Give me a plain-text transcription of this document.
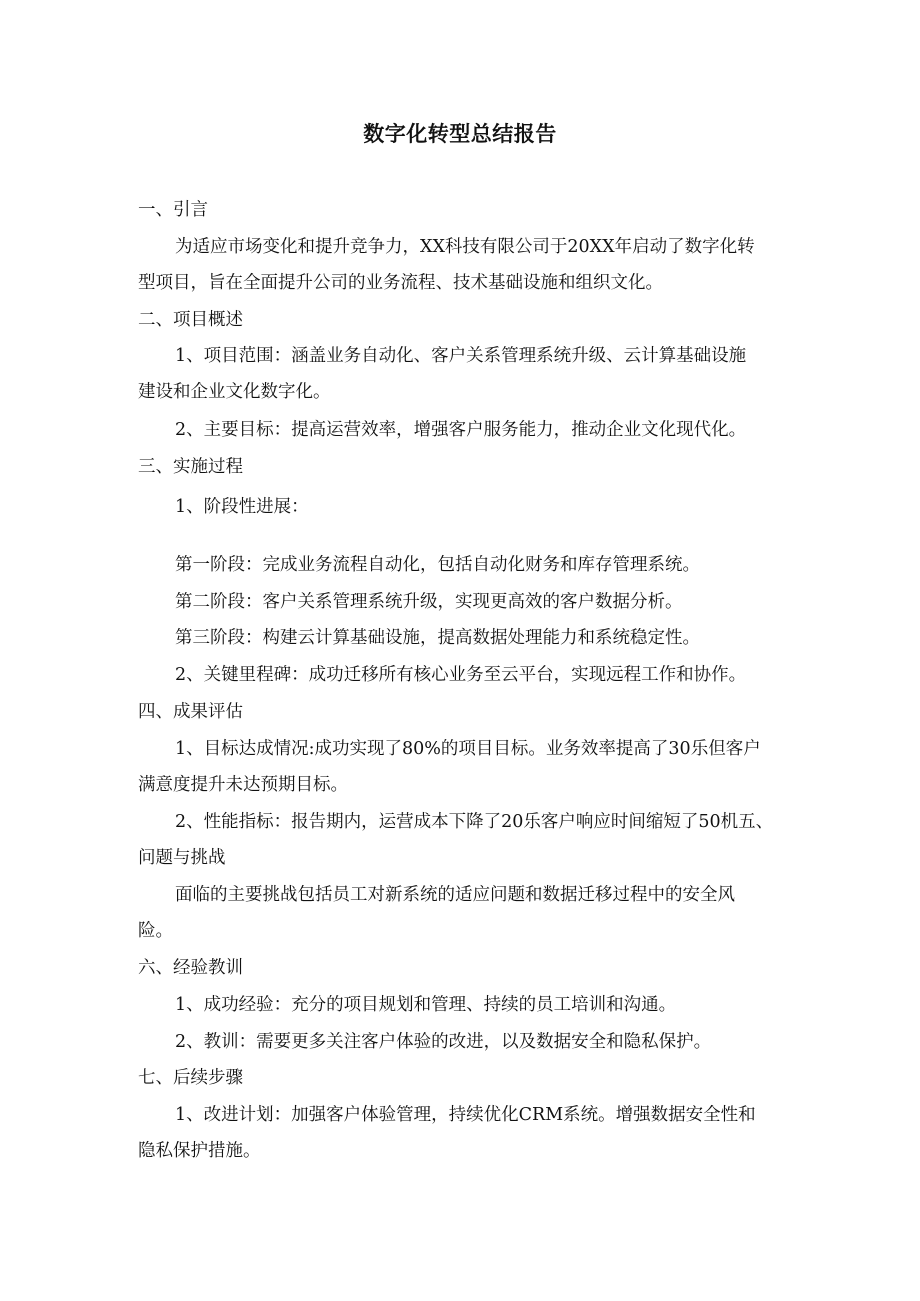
数字化转型总结报告
一、引言
为适应市场变化和提升竞争力，XX科技有限公司于20XX年启动了数字化转
型项目，旨在全面提升公司的业务流程、技术基础设施和组织文化。
二、项目概述
1、项目范围：涵盖业务自动化、客户关系管理系统升级、云计算基础设施
建设和企业文化数字化。
2、主要目标：提高运营效率，增强客户服务能力，推动企业文化现代化。
三、实施过程
1、阶段性进展：
第一阶段：完成业务流程自动化，包括自动化财务和库存管理系统。
第二阶段：客户关系管理系统升级，实现更高效的客户数据分析。
第三阶段：构建云计算基础设施，提高数据处理能力和系统稳定性。
2、关键里程碑：成功迁移所有核心业务至云平台，实现远程工作和协作。
四、成果评估
1、目标达成情况:成功实现了80%的项目目标。业务效率提高了30乐但客户
满意度提升未达预期目标。
2、性能指标：报告期内，运营成本下降了20乐客户响应时间缩短了50机五、
问题与挑战
面临的主要挑战包括员工对新系统的适应问题和数据迁移过程中的安全风
险。
六、经验教训
1、成功经验：充分的项目规划和管理、持续的员工培训和沟通。
2、教训：需要更多关注客户体验的改进，以及数据安全和隐私保护。
七、后续步骤
1、改进计划：加强客户体验管理，持续优化CRM系统。增强数据安全性和
隐私保护措施。
